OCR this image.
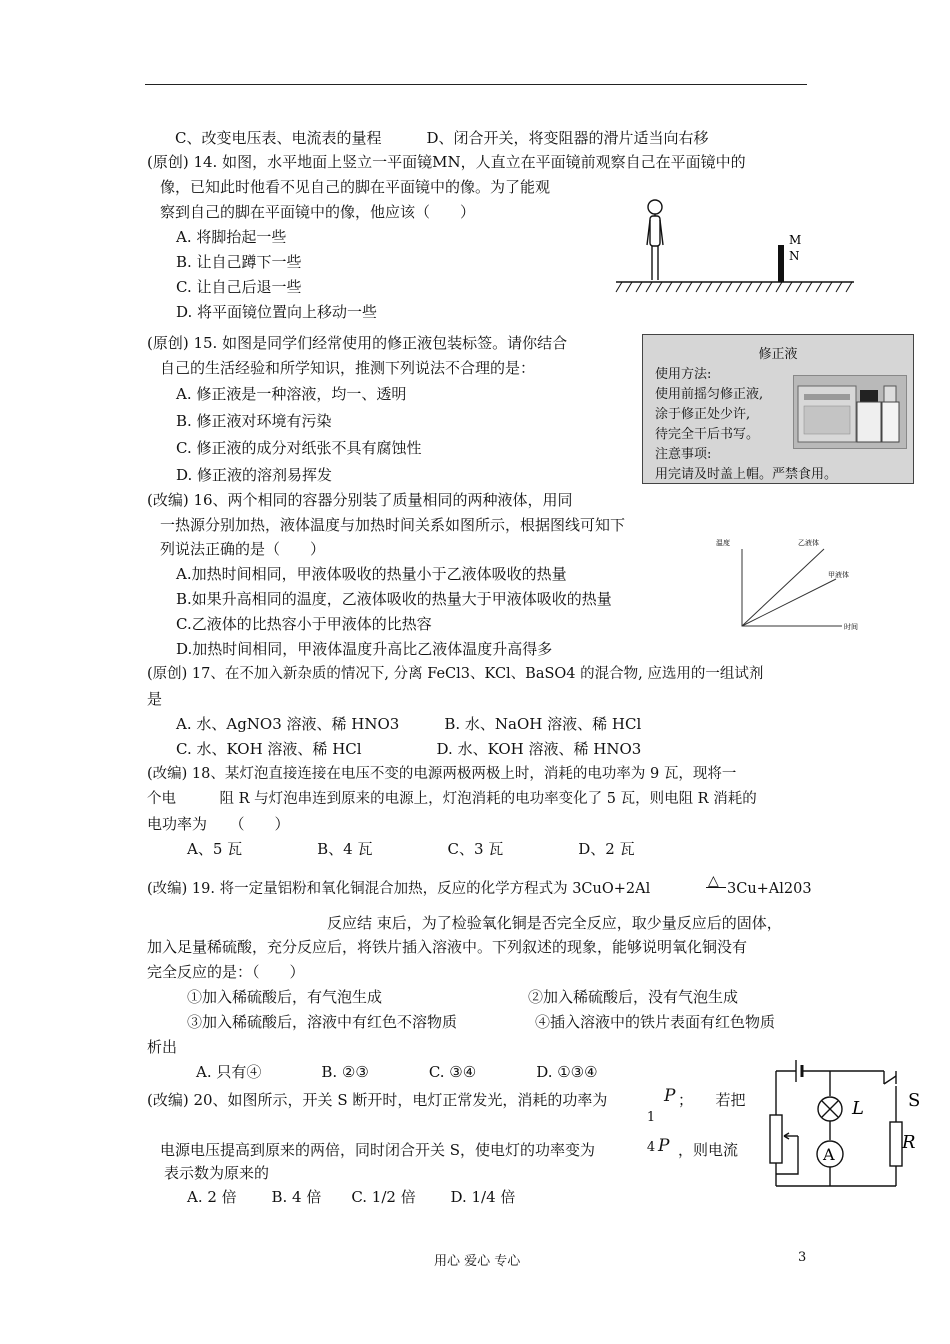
C、改变电压表、电流表的量程　　　D、闭合开关，将变阻器的滑片适当向右移
(原创) 14. 如图，水平地面上竖立一平面镜MN，人直立在平面镜前观察自己在平面镜中的
像，已知此时他看不见自己的脚在平面镜中的像。为了能观
察到自己的脚在平面镜中的像，他应该（　　）
A. 将脚抬起一些
B. 让自己蹲下一些
C. 让自己后退一些
D. 将平面镜位置向上移动一些
(原创) 15. 如图是同学们经常使用的修正液包装标签。请你结合
自己的生活经验和所学知识，推测下列说法不合理的是：
A. 修正液是一种溶液，均一、透明
B. 修正液对环境有污染
C. 修正液的成分对纸张不具有腐蚀性
D. 修正液的溶剂易挥发
(改编) 16、两个相同的容器分别装了质量相同的两种液体，用同
一热源分别加热，液体温度与加热时间关系如图所示，根据图线可知下
列说法正确的是（　　）
A.加热时间相同，甲液体吸收的热量小于乙液体吸收的热量
B.如果升高相同的温度，乙液体吸收的热量大于甲液体吸收的热量
C.乙液体的比热容小于甲液体的比热容
D.加热时间相同，甲液体温度升高比乙液体温度升高得多
(原创) 17、在不加入新杂质的情况下, 分离 FeCl3、KCl、BaSO4 的混合物, 应选用的一组试剂
是
A. 水、AgNO3 溶液、稀 HNO3　　　B. 水、NaOH 溶液、稀 HCl
C. 水、KOH 溶液、稀 HCl　　　　　D. 水、KOH 溶液、稀 HNO3
(改编) 18、某灯泡直接连接在电压不变的电源两极两极上时，消耗的电功率为 9 瓦，现将一
个电　　　阻 R 与灯泡串连到原来的电源上，灯泡消耗的电功率变化了 5 瓦，则电阻 R 消耗的
电功率为　　（　　）
A、5 瓦　　　　　B、4 瓦　　　　　C、3 瓦　　　　　D、2 瓦
(改编) 19. 将一定量铝粉和氧化铜混合加热，反应的化学方程式为 3CuO+2Al	△ 3Cu+Al203
反应结 束后，为了检验氧化铜是否完全反应，取少量反应后的固体，
加入足量稀硫酸，充分反应后，将铁片插入溶液中。下列叙述的现象，能够说明氧化铜没有
完全反应的是：（　　）
①加入稀硫酸后，有气泡生成	②加入稀硫酸后，没有气泡生成
③加入稀硫酸后，溶液中有红色不溶物质	④插入溶液中的铁片表面有红色物质
析出
A. 只有④　　　　B. ②③　　　　C. ③④　　　　D. ①③④
(改编) 20、如图所示，开关 S 断开时，电灯正常发光，消耗的功率为	P ；　　若把
电源电压提高到原来的两倍，同时闭合开关 S，使电灯的功率变为
1
4 P ，则电流
表示数为原来的
A. 2 倍　　 B. 4 倍　　C. 1/2 倍　　 D. 1/4 倍
M
N
修正液
使用方法:
使用前摇匀修正液,
涂于修正处少许,
待完全干后书写。
注意事项:
用完请及时盖上帽。严禁食用。
温度
时间
乙液体
甲液体
L S
R
A
用心 爱心 专心	3
